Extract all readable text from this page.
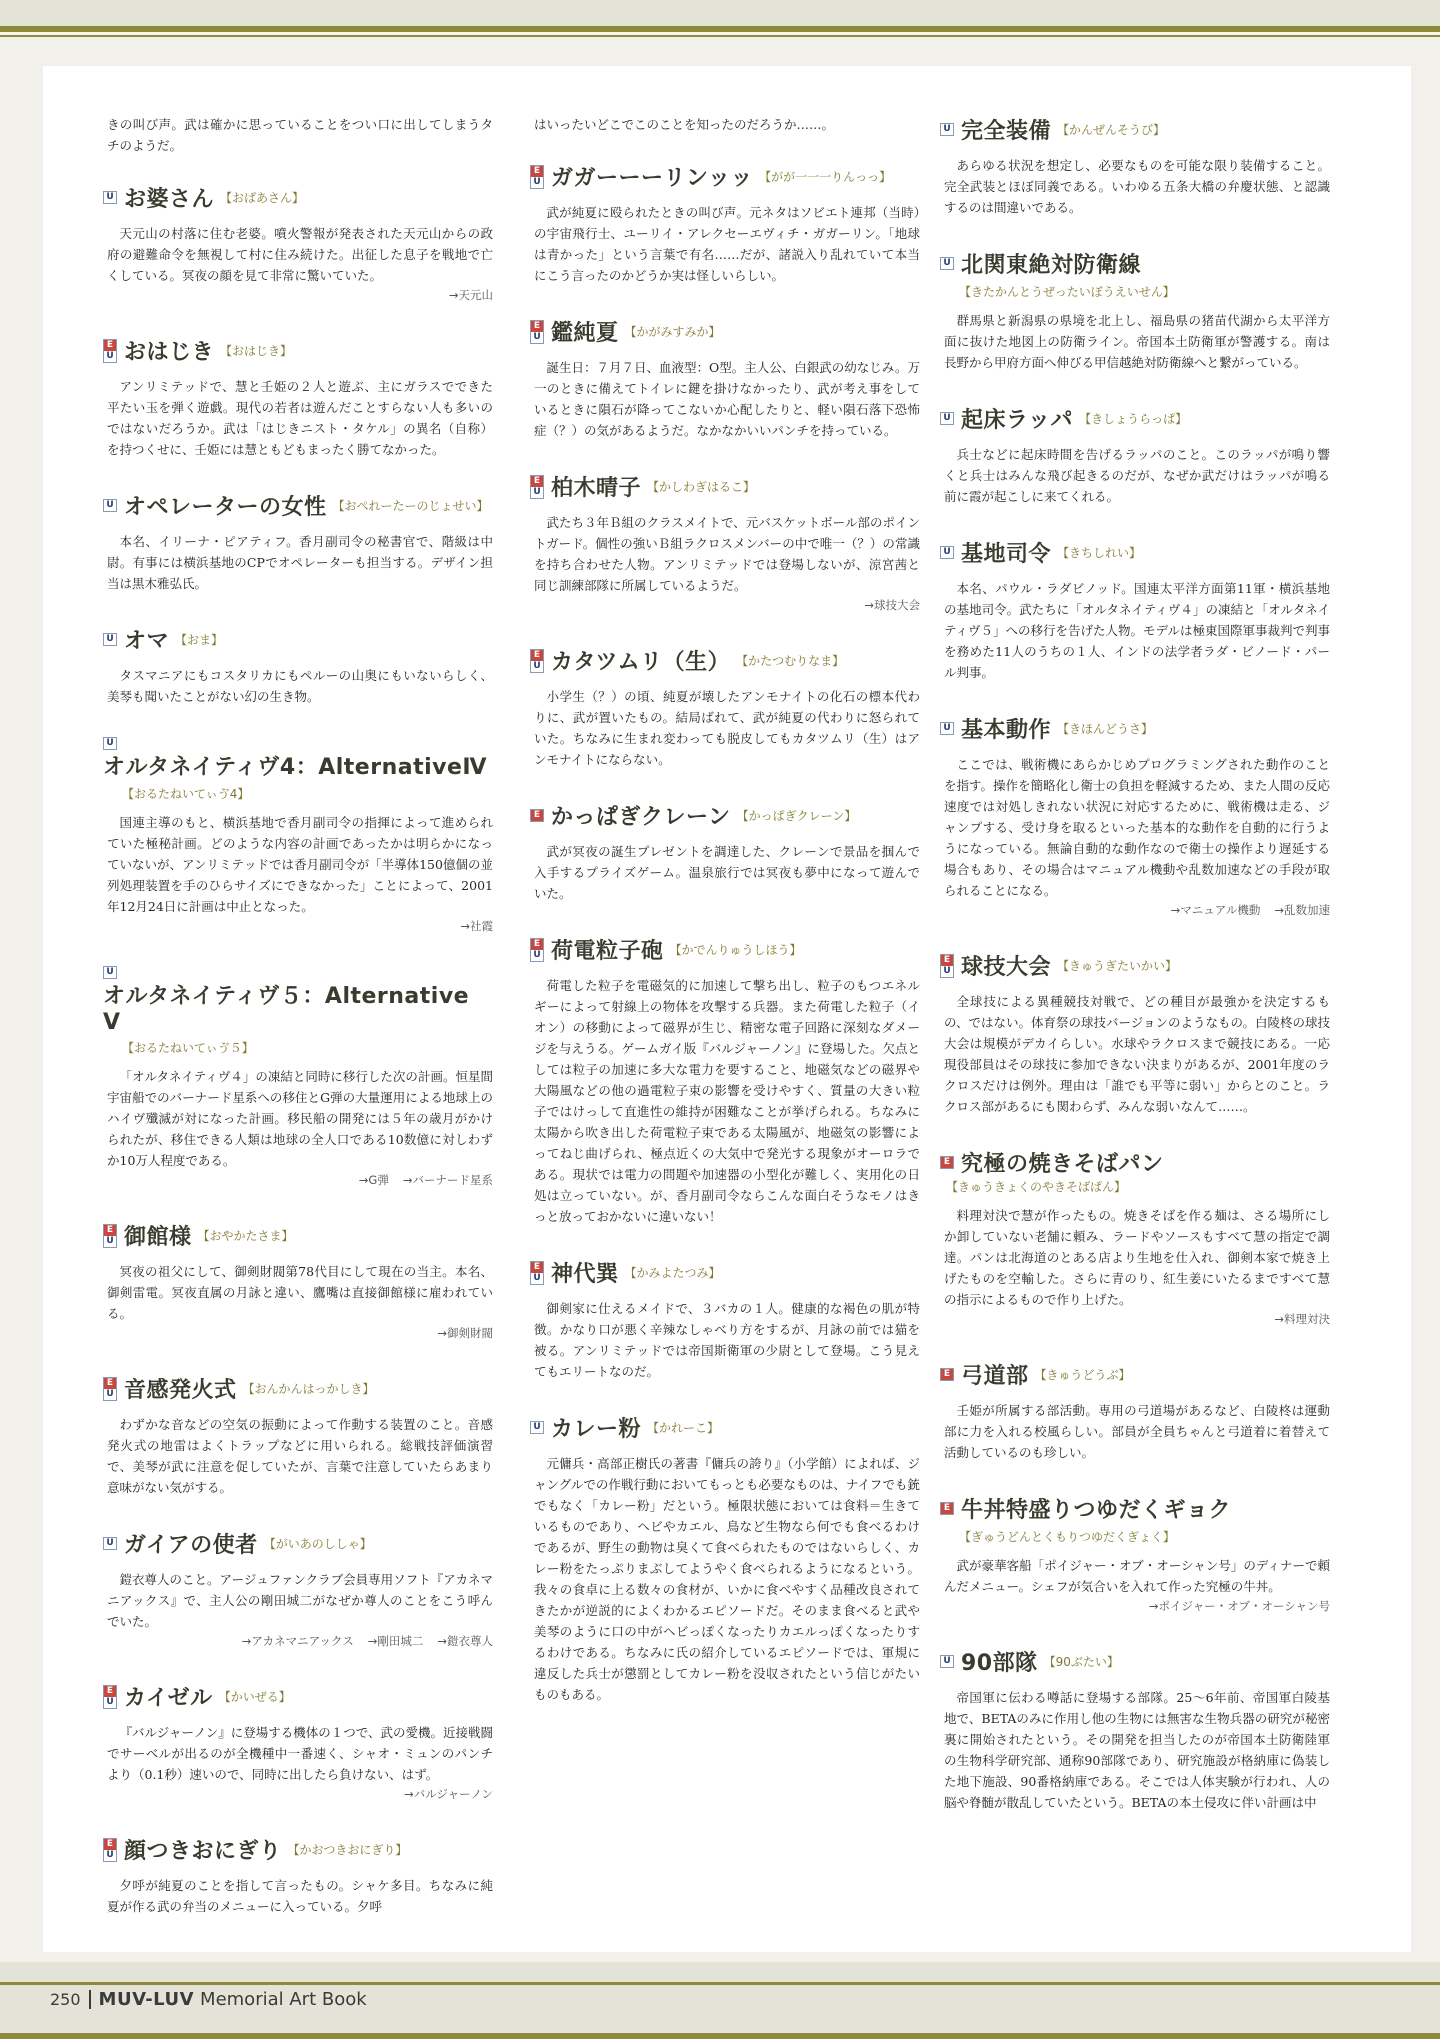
きの叫び声。武は確かに思っていることをつい口に出してしまうタチのようだ。
U お婆さん 【おばあさん】
天元山の村落に住む老婆。噴火警報が発表された天元山からの政府の避難命令を無視して村に住み続けた。出征した息子を戦地で亡くしている。冥夜の顔を見て非常に驚いていた。
→天元山
E
U おはじき 【おはじき】
アンリミテッドで、慧と壬姫の２人と遊ぶ、主にガラスでできた平たい玉を弾く遊戯。現代の若者は遊んだことすらない人も多いのではないだろうか。武は「はじきニスト・タケル」の異名（自称）を持つくせに、壬姫には慧ともどもまったく勝てなかった。
U オペレーターの女性 【おぺれーたーのじょせい】
本名、イリーナ・ピアティフ。香月副司令の秘書官で、階級は中尉。有事には横浜基地のCPでオペレーターも担当する。デザイン担当は黒木雅弘氏。
U オマ 【おま】
タスマニアにもコスタリカにもペルーの山奥にもいないらしく、美琴も聞いたことがない幻の生き物。
U
オルタネイティヴ4：AlternativeⅣ
【おるたねいてぃゔ4】
国連主導のもと、横浜基地で香月副司令の指揮によって進められていた極秘計画。どのような内容の計画であったかは明らかになっていないが、アンリミテッドでは香月副司令が「半導体150億個の並列処理装置を手のひらサイズにできなかった」ことによって、2001年12月24日に計画は中止となった。
→社霞
U
オルタネイティヴ５：Alternative Ⅴ
【おるたねいてぃゔ５】
「オルタネイティヴ４」の凍結と同時に移行した次の計画。恒星間宇宙船でのバーナード星系への移住とG弾の大量運用による地球上のハイヴ殲滅が対になった計画。移民船の開発には５年の歳月がかけられたが、移住できる人類は地球の全人口である10数億に対しわずか10万人程度である。
→G弾 →バーナード星系
E
U 御館様 【おやかたさま】
冥夜の祖父にして、御剣財閥第78代目にして現在の当主。本名、御剣雷電。冥夜直属の月詠と違い、鷹嘴は直接御館様に雇われている。
→御剣財閥
E
U 音感発火式 【おんかんはっかしき】
わずかな音などの空気の振動によって作動する装置のこと。音感発火式の地雷はよくトラップなどに用いられる。総戦技評価演習で、美琴が武に注意を促していたが、言葉で注意していたらあまり意味がない気がする。
U ガイアの使者 【がいあのししゃ】
鎧衣尊人のこと。アージュファンクラブ会員専用ソフト『アカネマニアックス』で、主人公の剛田城二がなぜか尊人のことをこう呼んでいた。
→アカネマニアックス →剛田城二 →鎧衣尊人
E
U カイゼル 【かいぜる】
『バルジャーノン』に登場する機体の１つで、武の愛機。近接戦闘でサーベルが出るのが全機種中一番速く、シャオ・ミュンのパンチより（0.1秒）速いので、同時に出したら負けない、はず。
→バルジャーノン
E
U 顔つきおにぎり 【かおつきおにぎり】
夕呼が純夏のことを指して言ったもの。シャケ多目。ちなみに純夏が作る武の弁当のメニューに入っている。夕呼
はいったいどこでこのことを知ったのだろうか……。
E
U ガガーーーリンッッ 【がが一一一りんっっ】
武が純夏に殴られたときの叫び声。元ネタはソビエト連邦（当時）の宇宙飛行士、ユーリイ・アレクセーエヴィチ・ガガーリン。「地球は青かった」という言葉で有名……だが、諸説入り乱れていて本当にこう言ったのかどうか実は怪しいらしい。
E
U 鑑純夏 【かがみすみか】
誕生日：７月７日、血液型：O型。主人公、白銀武の幼なじみ。万一のときに備えてトイレに鍵を掛けなかったり、武が考え事をしているときに隕石が降ってこないか心配したりと、軽い隕石落下恐怖症（？）の気があるようだ。なかなかいいパンチを持っている。
E
U 柏木晴子 【かしわぎはるこ】
武たち３年Ｂ組のクラスメイトで、元バスケットボール部のポイントガード。個性の強いＢ組ラクロスメンバーの中で唯一（？）の常識を持ち合わせた人物。アンリミテッドでは登場しないが、涼宮茜と同じ訓練部隊に所属しているようだ。
→球技大会
E
U カタツムリ（生） 【かたつむりなま】
小学生（？）の頃、純夏が壊したアンモナイトの化石の標本代わりに、武が置いたもの。結局ばれて、武が純夏の代わりに怒られていた。ちなみに生まれ変わっても脱皮してもカタツムリ（生）はアンモナイトにならない。
E かっぱぎクレーン 【かっぱぎクレーン】
武が冥夜の誕生プレゼントを調達した、クレーンで景品を掴んで入手するプライズゲーム。温泉旅行では冥夜も夢中になって遊んでいた。
E
U 荷電粒子砲 【かでんりゅうしほう】
荷電した粒子を電磁気的に加速して撃ち出し、粒子のもつエネルギーによって射線上の物体を攻撃する兵器。また荷電した粒子（イオン）の移動によって磁界が生じ、精密な電子回路に深刻なダメージを与えうる。ゲームガイ版『バルジャーノン』に登場した。欠点としては粒子の加速に多大な電力を要すること、地磁気などの磁界や大陽風などの他の過電粒子束の影響を受けやすく、質量の大きい粒子ではけっして直進性の維持が困難なことが挙げられる。ちなみに太陽から吹き出した荷電粒子束である太陽風が、地磁気の影響によってねじ曲げられ、極点近くの大気中で発光する現象がオーロラである。現状では電力の問題や加速器の小型化が難しく、実用化の日処は立っていない。が、香月副司令ならこんな面白そうなモノはきっと放っておかないに違いない！
E
U 神代巽 【かみよたつみ】
御剣家に仕えるメイドで、３バカの１人。健康的な褐色の肌が特徴。かなり口が悪く辛辣なしゃべり方をするが、月詠の前では猫を被る。アンリミテッドでは帝国斯衛軍の少尉として登場。こう見えてもエリートなのだ。
U カレー粉 【かれーこ】
元傭兵・高部正樹氏の著書『傭兵の誇り』（小学館）によれば、ジャングルでの作戦行動においてもっとも必要なものは、ナイフでも銃でもなく「カレー粉」だという。極限状態においては食料＝生きているものであり、ヘビやカエル、鳥など生物なら何でも食べるわけであるが、野生の動物は臭くて食べられたものではないらしく、カレー粉をたっぷりまぶしてようやく食べられるようになるという。我々の食卓に上る数々の食材が、いかに食べやすく品種改良されてきたかが逆説的によくわかるエピソードだ。そのまま食べると武や美琴のように口の中がヘビっぽくなったりカエルっぽくなったりするわけである。ちなみに氏の紹介しているエピソードでは、軍規に違反した兵士が懲罰としてカレー粉を没収されたという信じがたいものもある。
U 完全装備 【かんぜんそうび】
あらゆる状況を想定し、必要なものを可能な限り装備すること。完全武装とほぼ同義である。いわゆる五条大橋の弁慶状態、と認識するのは間違いである。
U 北関東絶対防衛線
【きたかんとうぜったいぼうえいせん】
群馬県と新潟県の県境を北上し、福島県の猪苗代湖から太平洋方面に抜けた地図上の防衛ライン。帝国本土防衛軍が警護する。南は長野から甲府方面へ伸びる甲信越絶対防衛線へと繋がっている。
U 起床ラッパ 【きしょうらっぱ】
兵士などに起床時間を告げるラッパのこと。このラッパが鳴り響くと兵士はみんな飛び起きるのだが、なぜか武だけはラッパが鳴る前に霞が起こしに来てくれる。
U 基地司令 【きちしれい】
本名、パウル・ラダビノッド。国連太平洋方面第11軍・横浜基地の基地司令。武たちに「オルタネイティヴ４」の凍結と「オルタネイティヴ５」への移行を告げた人物。モデルは極東国際軍事裁判で判事を務めた11人のうちの１人、インドの法学者ラダ・ビノード・パール判事。
U 基本動作 【きほんどうさ】
ここでは、戦術機にあらかじめプログラミングされた動作のことを指す。操作を簡略化し衛士の負担を軽減するため、また人間の反応速度では対処しきれない状況に対応するために、戦術機は走る、ジャンプする、受け身を取るといった基本的な動作を自動的に行うようになっている。無論自動的な動作なので衛士の操作より遅延する場合もあり、その場合はマニュアル機動や乱数加速などの手段が取られることになる。
→マニュアル機動 →乱数加速
E
U 球技大会 【きゅうぎたいかい】
全球技による異種競技対戦で、どの種目が最強かを決定するもの、ではない。体育祭の球技バージョンのようなもの。白陵柊の球技大会は規模がデカイらしい。水球やラクロスまで競技にある。一応現役部員はその球技に参加できない決まりがあるが、2001年度のラクロスだけは例外。理由は「誰でも平等に弱い」からとのこと。ラクロス部があるにも関わらず、みんな弱いなんて……。
E 究極の焼きそばパン
【きゅうきょくのやきそばぱん】
料理対決で慧が作ったもの。焼きそばを作る麺は、さる場所にしか卸していない老舗に頼み、ラードやソースもすべて慧の指定で調達。パンは北海道のとある店より生地を仕入れ、御剣本家で焼き上げたものを空輸した。さらに青のり、紅生姜にいたるまですべて慧の指示によるもので作り上げた。
→料理対決
E 弓道部 【きゅうどうぶ】
壬姫が所属する部活動。専用の弓道場があるなど、白陵柊は運動部に力を入れる校風らしい。部員が全員ちゃんと弓道着に着替えて活動しているのも珍しい。
E 牛丼特盛りつゆだくギョク
【ぎゅうどんとくもりつゆだくぎょく】
武が豪華客船「ポイジャー・オブ・オーシャン号」のディナーで頼んだメニュー。シェフが気合いを入れて作った究極の牛丼。
→ポイジャー・オブ・オーシャン号
U 90部隊 【90ぶたい】
帝国軍に伝わる噂話に登場する部隊。25～6年前、帝国軍白陵基地で、BETAのみに作用し他の生物には無害な生物兵器の研究が秘密裏に開始されたという。その開発を担当したのが帝国本土防衛陸軍の生物科学研究部、通称90部隊であり、研究施設が格納庫に偽装した地下施設、90番格納庫である。そこでは人体実験が行われ、人の脳や脊髄が散乱していたという。BETAの本土侵攻に伴い計画は中
250	MUV-LUV Memorial Art Book
